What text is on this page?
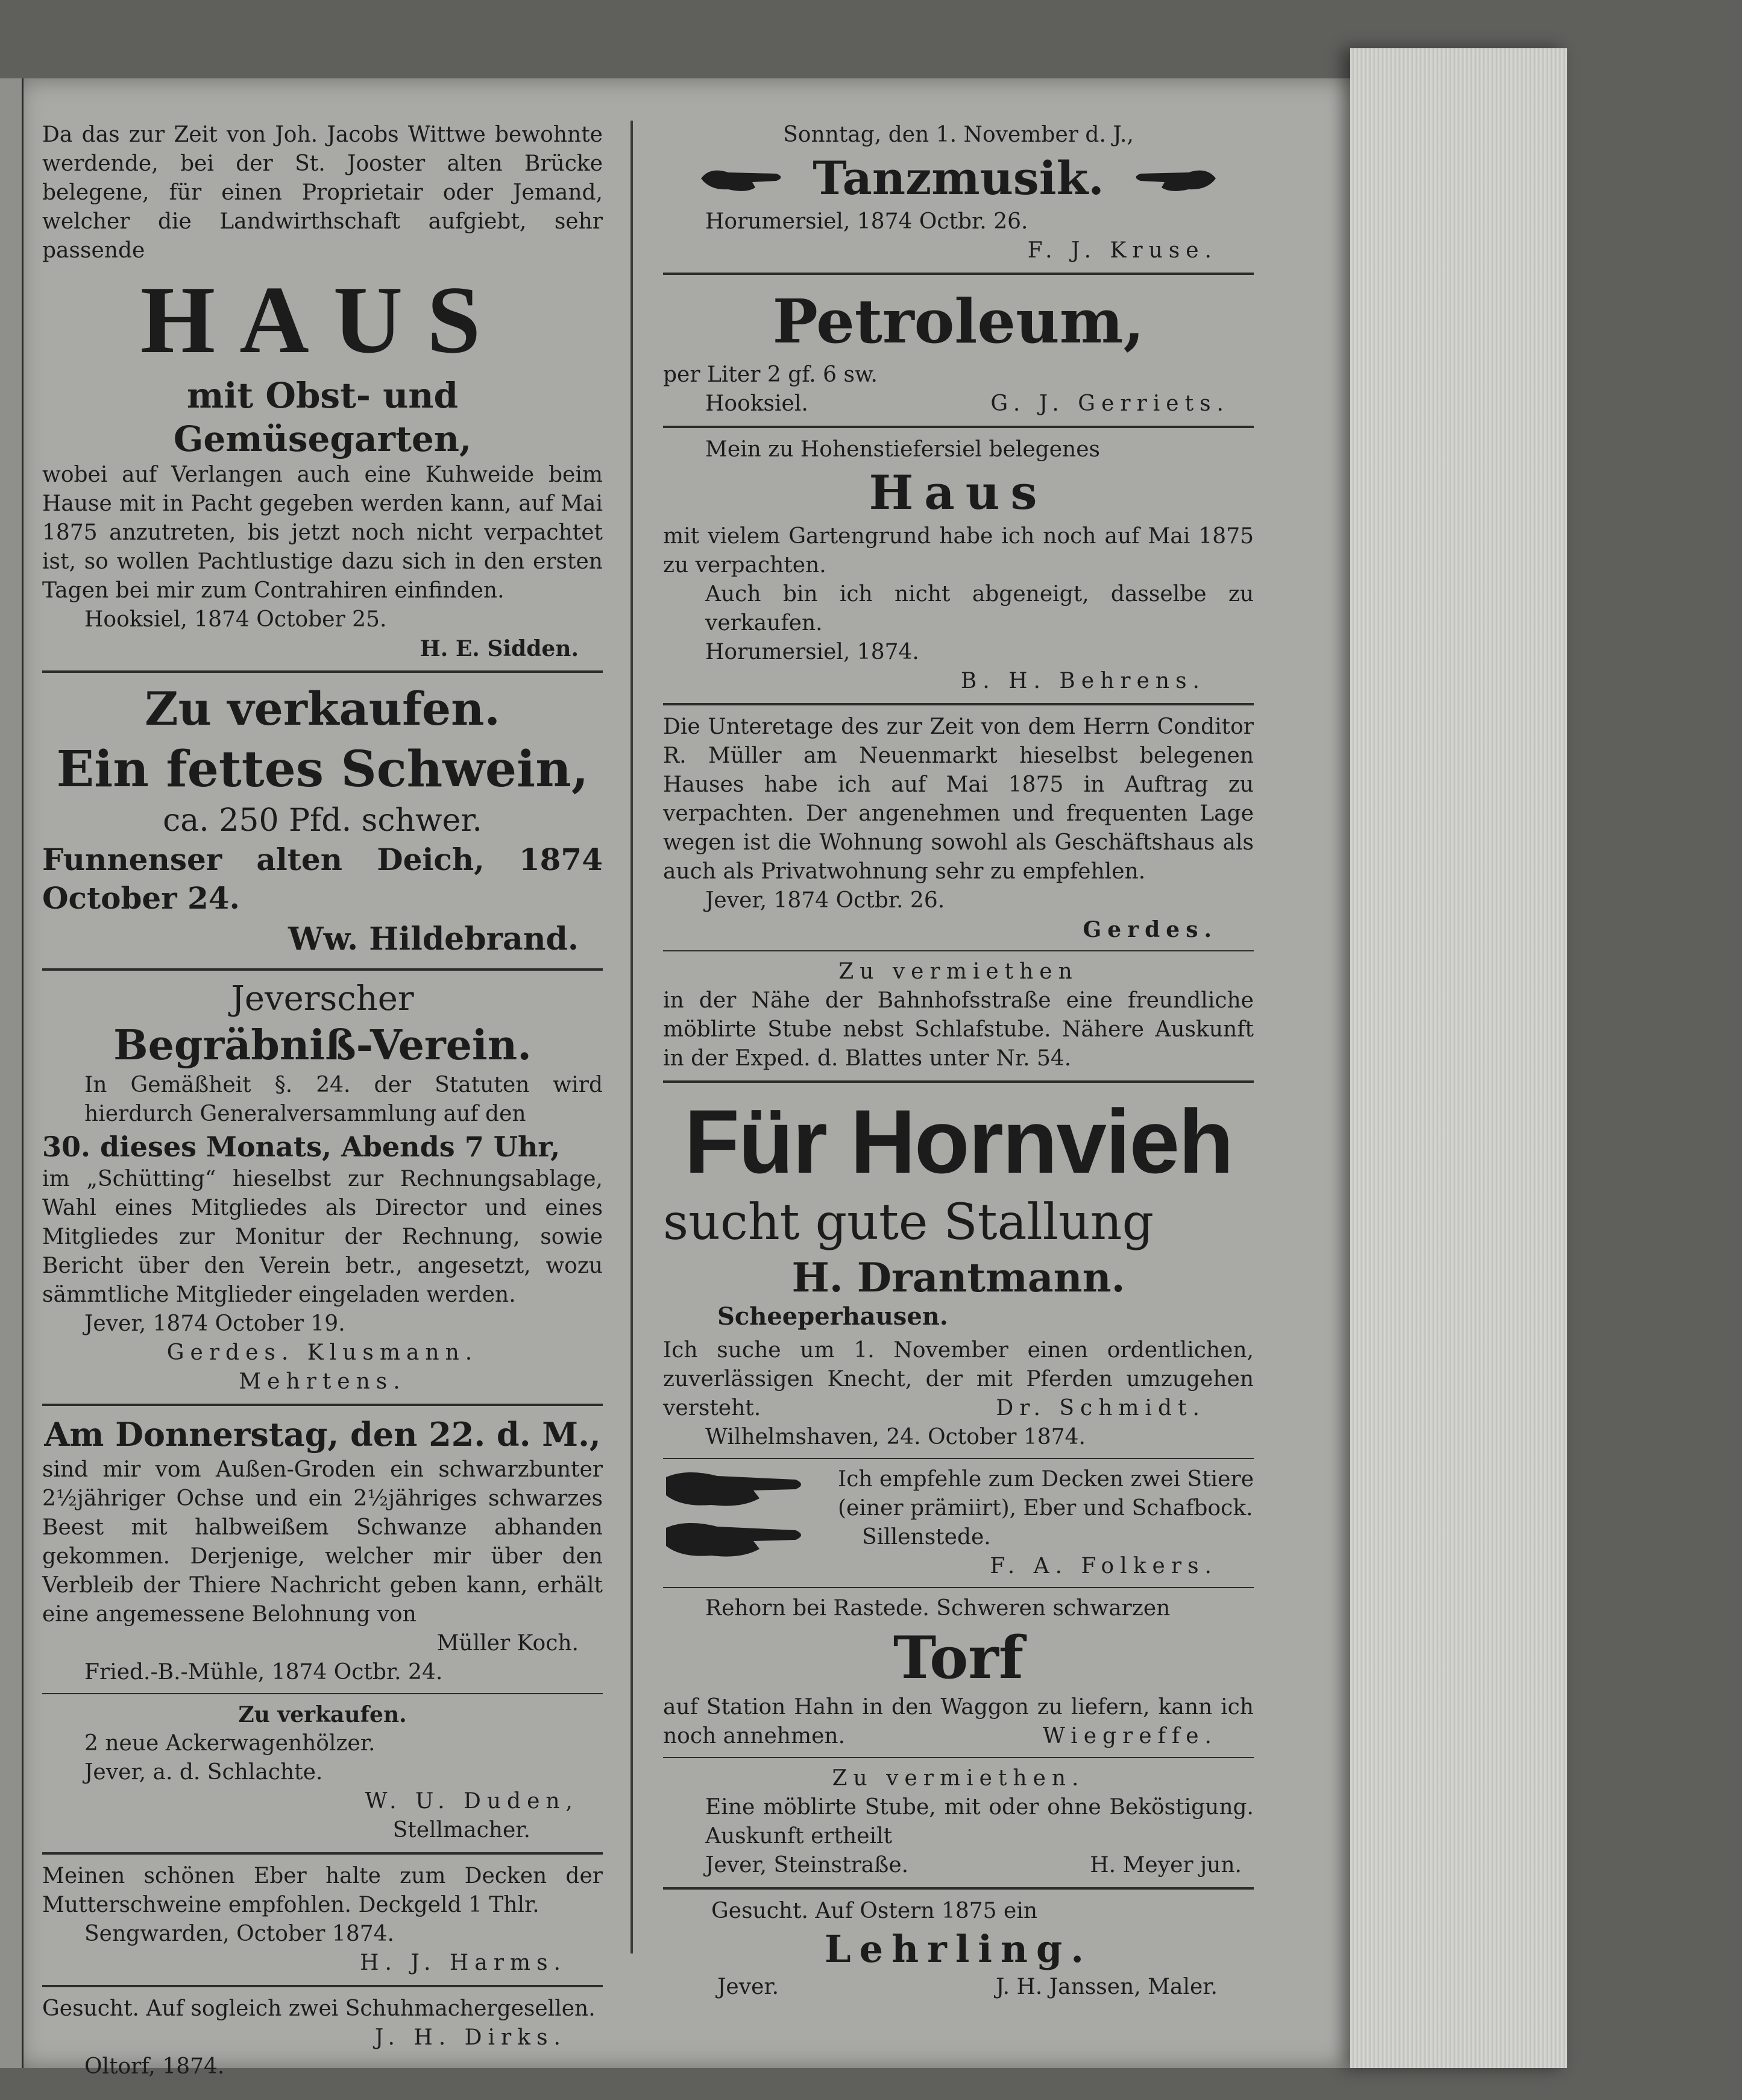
Da das zur Zeit von Joh. Jacobs Wittwe bewohnte werdende, bei der St. Jooster alten Brücke belegene, für einen Proprietair oder Jemand, welcher die Landwirthschaft aufgiebt, sehr passende

HAUS
mit Obst- und Gemüsegarten,

wobei auf Verlangen auch eine Kuhweide beim Hause mit in Pacht gegeben werden kann, auf Mai 1875 anzutreten, bis jetzt noch nicht verpachtet ist, so wollen Pachtlustige dazu sich in den ersten Tagen bei mir zum Contrahiren einfinden.

Hooksiel, 1874 October 25.

H. E. Sidden.

Zu verkaufen.
Ein fettes Schwein,
ca. 250 Pfd. schwer.

Funnenser alten Deich, 1874 October 24.

Ww. Hildebrand.

Jeverscher
Begräbniß-Verein.

In Gemäßheit §. 24. der Statuten wird hierdurch Generalversammlung auf den

30. dieses Monats, Abends 7 Uhr,

im „Schütting“ hieselbst zur Rechnungsablage, Wahl eines Mitgliedes als Director und eines Mitgliedes zur Monitur der Rechnung, sowie Bericht über den Verein betr., angesetzt, wozu sämmtliche Mitglieder eingeladen werden.

Jever, 1874 October 19.

Gerdes. Klusmann.

Mehrtens.

Am Donnerstag, den 22. d. M.,

sind mir vom Außen-Groden ein schwarzbunter 2½jähriger Ochse und ein 2½jähriges schwarzes Beest mit halbweißem Schwanze abhanden gekommen. Derjenige, welcher mir über den Verbleib der Thiere Nachricht geben kann, erhält eine angemessene Belohnung von

Müller Koch.

Fried.-B.-Mühle, 1874 Octbr. 24.

Zu verkaufen.

2 neue Ackerwagenhölzer.

Jever, a. d. Schlachte.

W. U. Duden,

Stellmacher.

Meinen schönen Eber halte zum Decken der Mutterschweine empfohlen. Deckgeld 1 Thlr.

Sengwarden, October 1874.

H. J. Harms.

Gesucht. Auf sogleich zwei Schuhmachergesellen.

J. H. Dirks.

Oltorf, 1874.

Sonntag, den 1. November d. J.,

Tanzmusik.

Horumersiel, 1874 Octbr. 26.

F. J. Kruse.

Petroleum,

per Liter 2 gf. 6 sw.

Hooksiel.	G. J. Gerriets.

Mein zu Hohenstiefersiel belegenes

Haus

mit vielem Gartengrund habe ich noch auf Mai 1875 zu verpachten.

Auch bin ich nicht abgeneigt, dasselbe zu verkaufen.

Horumersiel, 1874.

B. H. Behrens.

Die Unteretage des zur Zeit von dem Herrn Conditor R. Müller am Neuenmarkt hieselbst belegenen Hauses habe ich auf Mai 1875 in Auftrag zu verpachten. Der angenehmen und frequenten Lage wegen ist die Wohnung sowohl als Geschäftshaus als auch als Privatwohnung sehr zu empfehlen.

Jever, 1874 Octbr. 26.

Gerdes.

Zu vermiethen

in der Nähe der Bahnhofsstraße eine freundliche möblirte Stube nebst Schlafstube. Nähere Auskunft in der Exped. d. Blattes unter Nr. 54.

Für Hornvieh
sucht gute Stallung
H. Drantmann.

Scheeperhausen.

Ich suche um 1. November einen ordentlichen, zuverlässigen Knecht, der mit Pferden umzugehen versteht.	Dr. Schmidt.

Wilhelmshaven, 24. October 1874.

Ich empfehle zum Decken zwei Stiere (einer prämiirt), Eber und Schafbock.

Sillenstede.

F. A. Folkers.

Rehorn bei Rastede. Schweren schwarzen

Torf

auf Station Hahn in den Waggon zu liefern, kann ich noch annehmen.	Wiegreffe.

Zu vermiethen.

Eine möblirte Stube, mit oder ohne Beköstigung. Auskunft ertheilt

Jever, Steinstraße.	H. Meyer jun.

Gesucht. Auf Ostern 1875 ein

Lehrling.

Jever.	J. H. Janssen, Maler.
